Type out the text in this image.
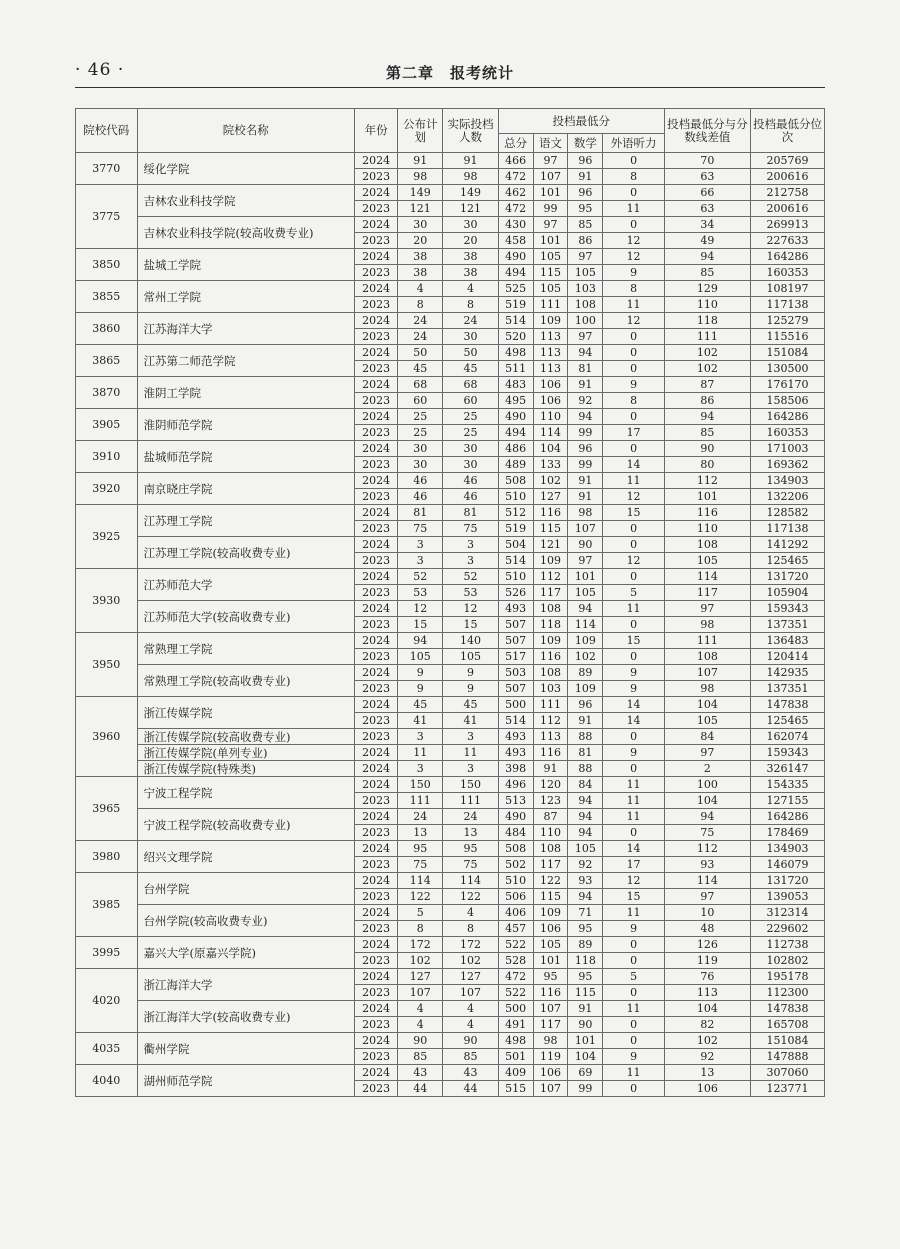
· 46 ·	第二章　报考统计
院校代码	院校名称	年份	公布计划	实际投档人数	投档最低分				投档最低分与分数线差值	投档最低分位次
					总分	语文	数学	外语听力		
3770	绥化学院	2024	91	91	466	97	96	0	70	205769
		2023	98	98	472	107	91	8	63	200616
3775	吉林农业科技学院	2024	149	149	462	101	96	0	66	212758
		2023	121	121	472	99	95	11	63	200616
	吉林农业科技学院(较高收费专业)	2024	30	30	430	97	85	0	34	269913
		2023	20	20	458	101	86	12	49	227633
3850	盐城工学院	2024	38	38	490	105	97	12	94	164286
		2023	38	38	494	115	105	9	85	160353
3855	常州工学院	2024	4	4	525	105	103	8	129	108197
		2023	8	8	519	111	108	11	110	117138
3860	江苏海洋大学	2024	24	24	514	109	100	12	118	125279
		2023	24	30	520	113	97	0	111	115516
3865	江苏第二师范学院	2024	50	50	498	113	94	0	102	151084
		2023	45	45	511	113	81	0	102	130500
3870	淮阴工学院	2024	68	68	483	106	91	9	87	176170
		2023	60	60	495	106	92	8	86	158506
3905	淮阴师范学院	2024	25	25	490	110	94	0	94	164286
		2023	25	25	494	114	99	17	85	160353
3910	盐城师范学院	2024	30	30	486	104	96	0	90	171003
		2023	30	30	489	133	99	14	80	169362
3920	南京晓庄学院	2024	46	46	508	102	91	11	112	134903
		2023	46	46	510	127	91	12	101	132206
3925	江苏理工学院	2024	81	81	512	116	98	15	116	128582
		2023	75	75	519	115	107	0	110	117138
	江苏理工学院(较高收费专业)	2024	3	3	504	121	90	0	108	141292
		2023	3	3	514	109	97	12	105	125465
3930	江苏师范大学	2024	52	52	510	112	101	0	114	131720
		2023	53	53	526	117	105	5	117	105904
	江苏师范大学(较高收费专业)	2024	12	12	493	108	94	11	97	159343
		2023	15	15	507	118	114	0	98	137351
3950	常熟理工学院	2024	94	140	507	109	109	15	111	136483
		2023	105	105	517	116	102	0	108	120414
	常熟理工学院(较高收费专业)	2024	9	9	503	108	89	9	107	142935
		2023	9	9	507	103	109	9	98	137351
3960	浙江传媒学院	2024	45	45	500	111	96	14	104	147838
		2023	41	41	514	112	91	14	105	125465
	浙江传媒学院(较高收费专业)	2023	3	3	493	113	88	0	84	162074
	浙江传媒学院(单列专业)	2024	11	11	493	116	81	9	97	159343
	浙江传媒学院(特殊类)	2024	3	3	398	91	88	0	2	326147
3965	宁波工程学院	2024	150	150	496	120	84	11	100	154335
		2023	111	111	513	123	94	11	104	127155
	宁波工程学院(较高收费专业)	2024	24	24	490	87	94	11	94	164286
		2023	13	13	484	110	94	0	75	178469
3980	绍兴文理学院	2024	95	95	508	108	105	14	112	134903
		2023	75	75	502	117	92	17	93	146079
3985	台州学院	2024	114	114	510	122	93	12	114	131720
		2023	122	122	506	115	94	15	97	139053
	台州学院(较高收费专业)	2024	5	4	406	109	71	11	10	312314
		2023	8	8	457	106	95	9	48	229602
3995	嘉兴大学(原嘉兴学院)	2024	172	172	522	105	89	0	126	112738
		2023	102	102	528	101	118	0	119	102802
4020	浙江海洋大学	2024	127	127	472	95	95	5	76	195178
		2023	107	107	522	116	115	0	113	112300
	浙江海洋大学(较高收费专业)	2024	4	4	500	107	91	11	104	147838
		2023	4	4	491	117	90	0	82	165708
4035	衢州学院	2024	90	90	498	98	101	0	102	151084
		2023	85	85	501	119	104	9	92	147888
4040	湖州师范学院	2024	43	43	409	106	69	11	13	307060
		2023	44	44	515	107	99	0	106	123771
